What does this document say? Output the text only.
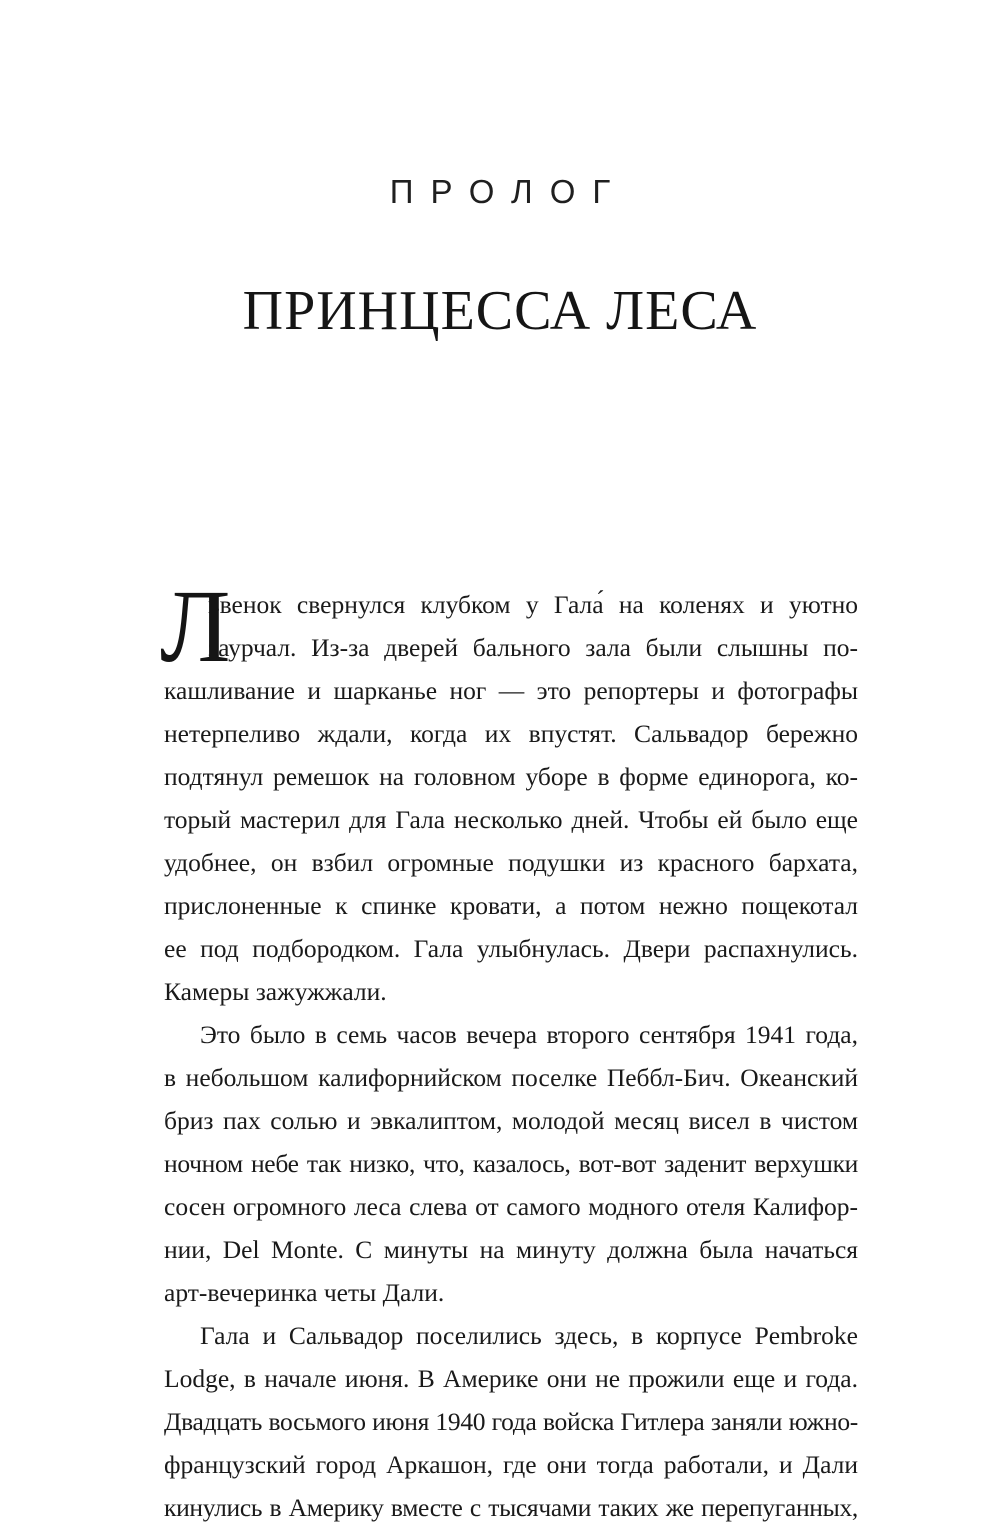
ПРОЛОГ
ПРИНЦЕССА ЛЕСА
Л
ьвенок свернулся клубком у Гала́ на коленях и уютно
заурчал. Из-за дверей бального зала были слышны по-
кашливание и шарканье ног — это репортеры и фотографы
нетерпеливо ждали, когда их впустят. Сальвадор бережно
подтянул ремешок на головном уборе в форме единорога, ко-
торый мастерил для Гала несколько дней. Чтобы ей было еще
удобнее, он взбил огромные подушки из красного бархата,
прислоненные к спинке кровати, а потом нежно пощекотал
ее под подбородком. Гала улыбнулась. Двери распахнулись.
Камеры зажужжали.
Это было в семь часов вечера второго сентября 1941 года,
в небольшом калифорнийском поселке Пеббл-Бич. Океанский
бриз пах солью и эвкалиптом, молодой месяц висел в чистом
ночном небе так низко, что, казалось, вот-вот заденит верхушки
сосен огромного леса слева от самого модного отеля Калифор-
нии, Del Monte. С минуты на минуту должна была начаться
арт-вечеринка четы Дали.
Гала и Сальвадор поселились здесь, в корпусе Pembroke
Lodge, в начале июня. В Америке они не прожили еще и года.
Двадцать восьмого июня 1940 года войска Гитлера заняли южно-
французский город Аркашон, где они тогда работали, и Дали
кинулись в Америку вместе с тысячами таких же перепуганных,
